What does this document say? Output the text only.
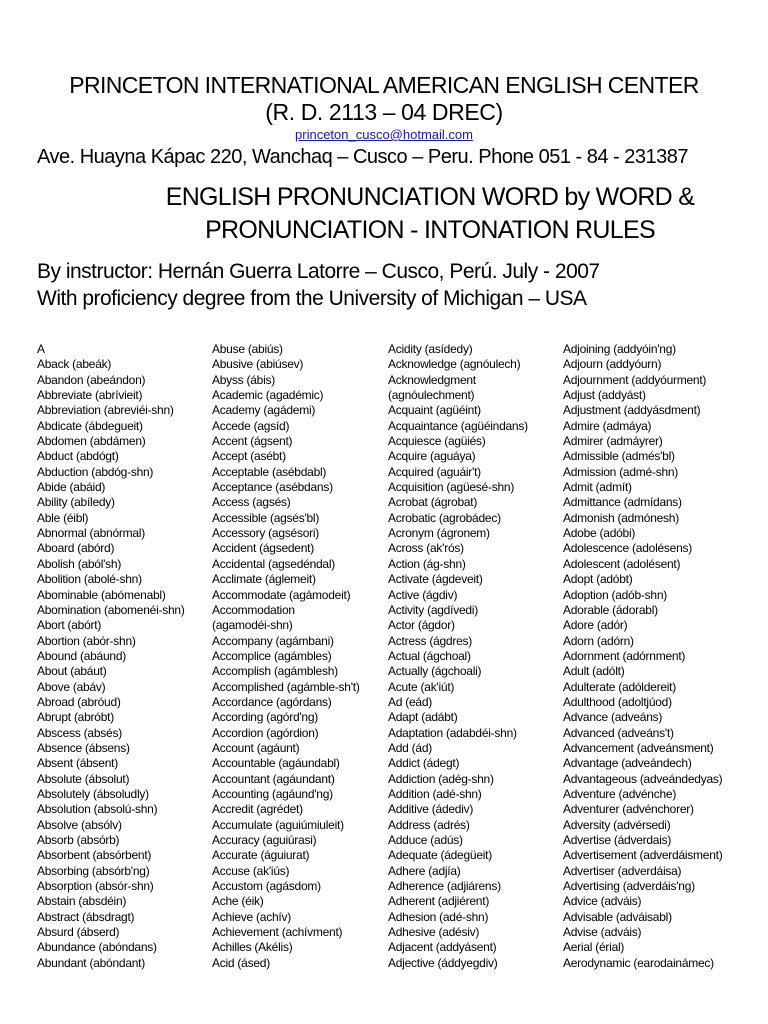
PRINCETON INTERNATIONAL AMERICAN ENGLISH CENTER
(R. D. 2113 – 04 DREC)
princeton_cusco@hotmail.com
Ave. Huayna Kápac 220, Wanchaq – Cusco – Peru. Phone 051 - 84 - 231387
ENGLISH PRONUNCIATION WORD by WORD &
PRONUNCIATION - INTONATION RULES
By instructor: Hernán Guerra Latorre – Cusco, Perú. July - 2007
With proficiency degree from the University of Michigan – USA
A
Aback (abeák)
Abandon (abeándon)
Abbreviate (abrívieit)
Abbreviation (abreviéi-shn)
Abdicate (ábdegueit)
Abdomen (abdámen)
Abduct (abdógt)
Abduction (abdóg-shn)
Abide (abáid)
Ability (abíledy)
Able (éibl)
Abnormal (abnórmal)
Aboard (abórd)
Abolish (aból'sh)
Abolition (abolé-shn)
Abominable (abómenabl)
Abomination (abomenéi-shn)
Abort (abórt)
Abortion (abór-shn)
Abound (abáund)
About (abáut)
Above (abáv)
Abroad (abróud)
Abrupt (abróbt)
Abscess (absés)
Absence (ábsens)
Absent (ábsent)
Absolute (ábsolut)
Absolutely (ábsoludly)
Absolution (absolú-shn)
Absolve (absólv)
Absorb (absórb)
Absorbent (absórbent)
Absorbing (absórb'ng)
Absorption (absór-shn)
Abstain (absdéin)
Abstract (ábsdragt)
Absurd (ábserd)
Abundance (abóndans)
Abundant (abóndant)
Abuse (abiús)
Abusive (abiúsev)
Abyss (ábis)
Academic (agadémic)
Academy (agádemi)
Accede (agsíd)
Accent (ágsent)
Accept (asébt)
Acceptable (asébdabl)
Acceptance (asébdans)
Access (agsés)
Accessible (agsés'bl)
Accessory (agsésori)
Accident (ágsedent)
Accidental (agsedéndal)
Acclimate (áglemeit)
Accommodate (agámodeit)
Accommodation
(agamodéi-shn)
Accompany (agámbani)
Accomplice (agámbles)
Accomplish (agámblesh)
Accomplished (agámble-sh't)
Accordance (agórdans)
According (agórd'ng)
Accordion (agórdion)
Account (agáunt)
Accountable (agáundabl)
Accountant (agáundant)
Accounting (agáund'ng)
Accredit (agrédet)
Accumulate (aguiúmiuleit)
Accuracy (aguiúrasi)
Accurate (águiurat)
Accuse (ak'iús)
Accustom (agásdom)
Ache (éik)
Achieve (achív)
Achievement (achívment)
Achilles (Akélis)
Acid (ásed)
Acidity (asídedy)
Acknowledge (agnóulech)
Acknowledgment
(agnóulechment)
Acquaint (agüéint)
Acquaintance (agüéindans)
Acquiesce (agüiés)
Acquire (aguáya)
Acquired (aguáir't)
Acquisition (agüesé-shn)
Acrobat (ágrobat)
Acrobatic (agrobádec)
Acronym (ágronem)
Across (ak'rós)
Action (ág-shn)
Activate (ágdeveit)
Active (ágdiv)
Activity (agdívedi)
Actor (ágdor)
Actress (ágdres)
Actual (ágchoal)
Actually (ágchoali)
Acute (ak'iút)
Ad (eád)
Adapt (adábt)
Adaptation (adabdéi-shn)
Add (ád)
Addict (ádegt)
Addiction (adég-shn)
Addition (adé-shn)
Additive (ádediv)
Address (adrés)
Adduce (adús)
Adequate (ádegüeit)
Adhere (adjía)
Adherence (adjiárens)
Adherent (adjiérent)
Adhesion (adé-shn)
Adhesive (adésiv)
Adjacent (addyásent)
Adjective (áddyegdiv)
Adjoining (addyóin'ng)
Adjourn (addyóurn)
Adjournment (addyóurment)
Adjust (addyást)
Adjustment (addyásdment)
Admire (admáya)
Admirer (admáyrer)
Admissible (admés'bl)
Admission (admé-shn)
Admit (admít)
Admittance (admídans)
Admonish (admónesh)
Adobe (adóbi)
Adolescence (adolésens)
Adolescent (adolésent)
Adopt (adóbt)
Adoption (adób-shn)
Adorable (ádorabl)
Adore (adór)
Adorn (adórn)
Adornment (adórnment)
Adult (adólt)
Adulterate (adóldereit)
Adulthood (adoltjúod)
Advance (adveáns)
Advanced (adveáns't)
Advancement (adveánsment)
Advantage (adveándech)
Advantageous (adveándedyas)
Adventure (advénche)
Adventurer (advénchorer)
Adversity (advérsedi)
Advertise (ádverdais)
Advertisement (adverdáisment)
Advertiser (adverdáisa)
Advertising (adverdáis'ng)
Advice (adváis)
Advisable (adváisabl)
Advise (adváis)
Aerial (érial)
Aerodynamic (earodainámec)
